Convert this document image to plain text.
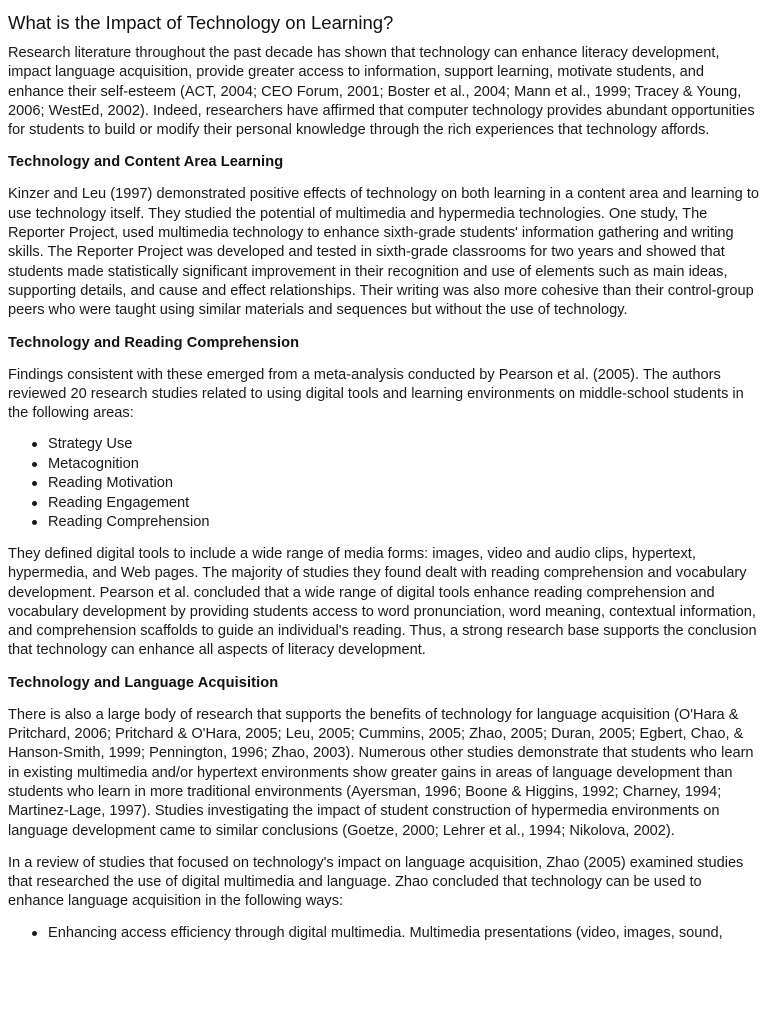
What is the Impact of Technology on Learning?

Research literature throughout the past decade has shown that technology can enhance literacy development, impact language acquisition, provide greater access to information, support learning, motivate students, and enhance their self-esteem (ACT, 2004; CEO Forum, 2001; Boster et al., 2004; Mann et al., 1999; Tracey & Young, 2006; WestEd, 2002). Indeed, researchers have affirmed that computer technology provides abundant opportunities for students to build or modify their personal knowledge through the rich experiences that technology affords.

Technology and Content Area Learning

Kinzer and Leu (1997) demonstrated positive effects of technology on both learning in a content area and learning to use technology itself. They studied the potential of multimedia and hypermedia technologies. One study, The Reporter Project, used multimedia technology to enhance sixth-grade students' information gathering and writing skills. The Reporter Project was developed and tested in sixth-grade classrooms for two years and showed that students made statistically significant improvement in their recognition and use of elements such as main ideas, supporting details, and cause and effect relationships. Their writing was also more cohesive than their control-group peers who were taught using similar materials and sequences but without the use of technology.

Technology and Reading Comprehension

Findings consistent with these emerged from a meta-analysis conducted by Pearson et al. (2005). The authors reviewed 20 research studies related to using digital tools and learning environments on middle-school students in the following areas:

Strategy Use
Metacognition
Reading Motivation
Reading Engagement
Reading Comprehension

They defined digital tools to include a wide range of media forms: images, video and audio clips, hypertext, hypermedia, and Web pages. The majority of studies they found dealt with reading comprehension and vocabulary development. Pearson et al. concluded that a wide range of digital tools enhance reading comprehension and vocabulary development by providing students access to word pronunciation, word meaning, contextual information, and comprehension scaffolds to guide an individual's reading. Thus, a strong research base supports the conclusion that technology can enhance all aspects of literacy development.

Technology and Language Acquisition

There is also a large body of research that supports the benefits of technology for language acquisition (O'Hara & Pritchard, 2006; Pritchard & O'Hara, 2005; Leu, 2005; Cummins, 2005; Zhao, 2005; Duran, 2005; Egbert, Chao, & Hanson-Smith, 1999; Pennington, 1996; Zhao, 2003). Numerous other studies demonstrate that students who learn in existing multimedia and/or hypertext environments show greater gains in areas of language development than students who learn in more traditional environments (Ayersman, 1996; Boone & Higgins, 1992; Charney, 1994; Martinez-Lage, 1997). Studies investigating the impact of student construction of hypermedia environments on language development came to similar conclusions (Goetze, 2000; Lehrer et al., 1994; Nikolova, 2002).

In a review of studies that focused on technology's impact on language acquisition, Zhao (2005) examined studies that researched the use of digital multimedia and language. Zhao concluded that technology can be used to enhance language acquisition in the following ways:

Enhancing access efficiency through digital multimedia. Multimedia presentations (video, images, sound,
